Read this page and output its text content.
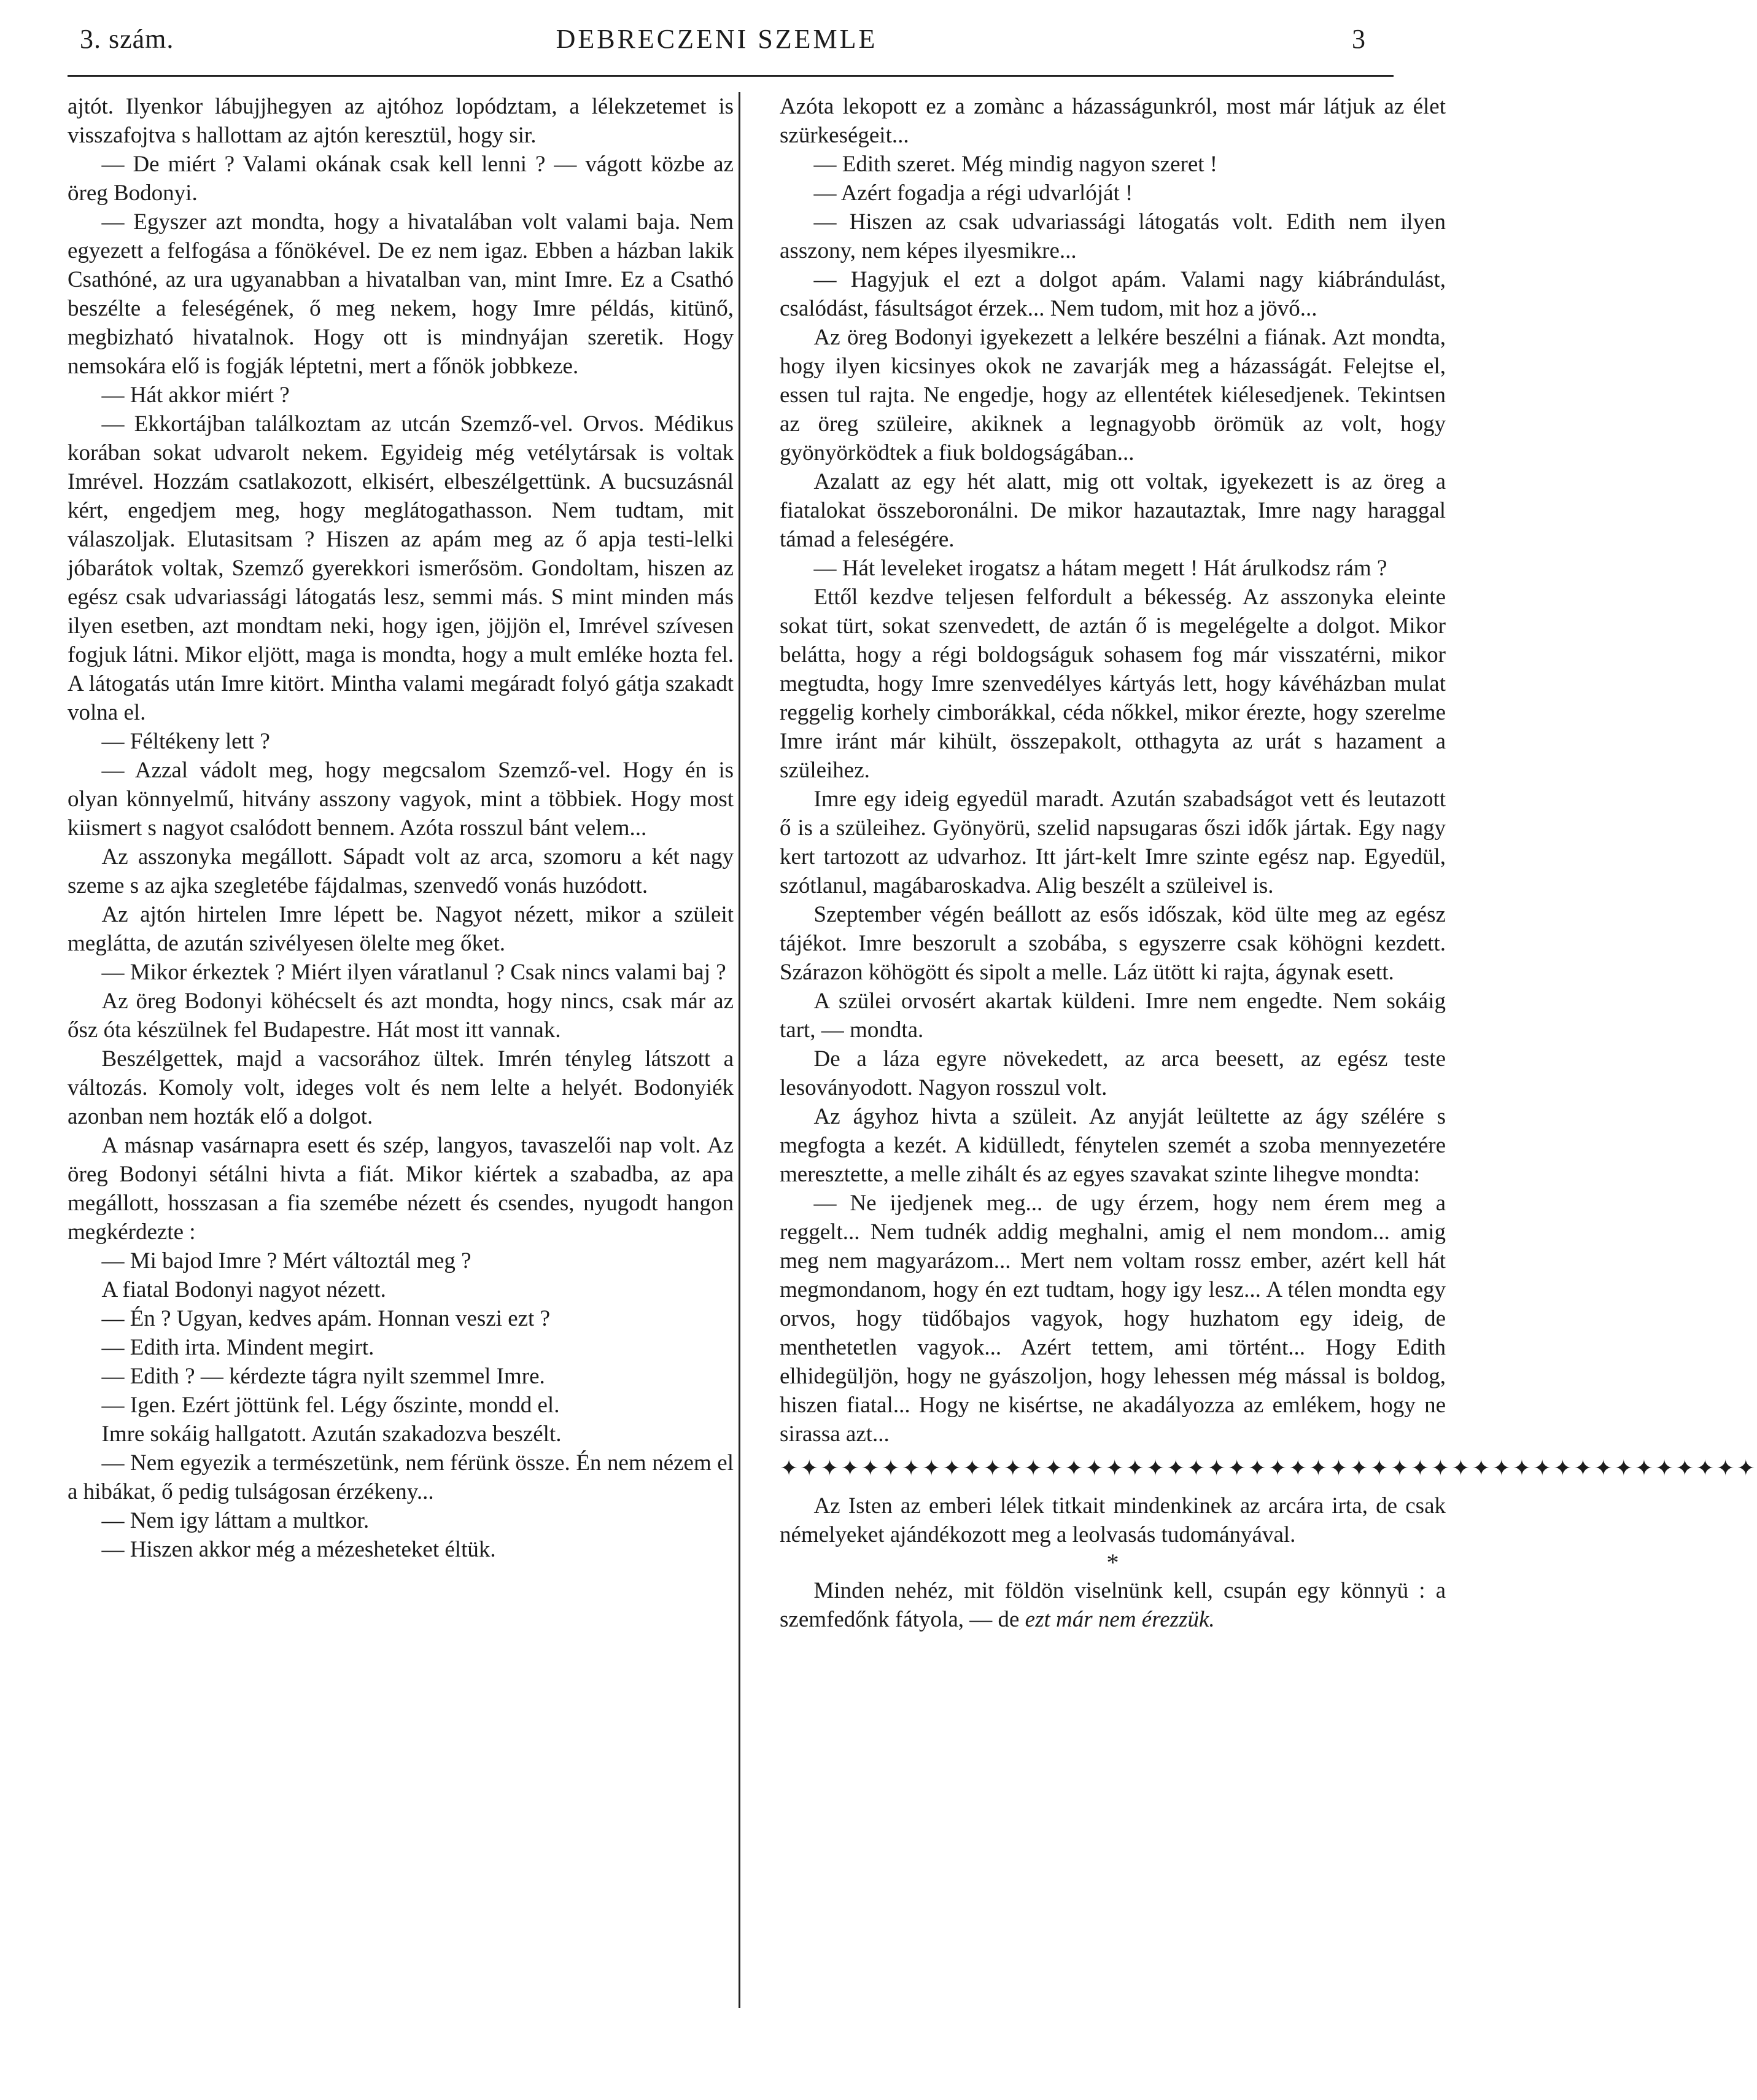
3. szám.	DEBRECZENI SZEMLE	3

ajtót. Ilyenkor lábujjhegyen az ajtóhoz lopództam, a lélekzetemet is visszafojtva s hallottam az ajtón keresztül, hogy sir.

— De miért ? Valami okának csak kell lenni ? — vágott közbe az öreg Bodonyi.

— Egyszer azt mondta, hogy a hivatalában volt valami baja. Nem egyezett a felfogása a főnökével. De ez nem igaz. Ebben a házban lakik Csathóné, az ura ugyanabban a hivatalban van, mint Imre. Ez a Csathó beszélte a feleségének, ő meg nekem, hogy Imre példás, kitünő, megbizható hivatalnok. Hogy ott is mindnyájan szeretik. Hogy nemsokára elő is fogják léptetni, mert a főnök jobbkeze.

— Hát akkor miért ?

— Ekkortájban találkoztam az utcán Szemző-vel. Orvos. Médikus korában sokat udvarolt nekem. Egyideig még vetélytársak is voltak Imrével. Hozzám csatlakozott, elkisért, elbeszélgettünk. A bucsuzásnál kért, engedjem meg, hogy meglátogathasson. Nem tudtam, mit válaszoljak. Elutasitsam ? Hiszen az apám meg az ő apja testi-lelki jóbarátok voltak, Szemző gyerekkori ismerősöm. Gondoltam, hiszen az egész csak udvariassági látogatás lesz, semmi más. S mint minden más ilyen esetben, azt mondtam neki, hogy igen, jöjjön el, Imrével szívesen fogjuk látni. Mikor eljött, maga is mondta, hogy a mult emléke hozta fel. A látogatás után Imre kitört. Mintha valami megáradt folyó gátja szakadt volna el.

— Féltékeny lett ?

— Azzal vádolt meg, hogy megcsalom Szemző-vel. Hogy én is olyan könnyelmű, hitvány asszony vagyok, mint a többiek. Hogy most kiismert s nagyot csalódott bennem. Azóta rosszul bánt velem...

Az asszonyka megállott. Sápadt volt az arca, szomoru a két nagy szeme s az ajka szegletébe fájdalmas, szenvedő vonás huzódott.

Az ajtón hirtelen Imre lépett be. Nagyot nézett, mikor a szüleit meglátta, de azután szivélyesen ölelte meg őket.

— Mikor érkeztek ? Miért ilyen váratlanul ? Csak nincs valami baj ?

Az öreg Bodonyi köhécselt és azt mondta, hogy nincs, csak már az ősz óta készülnek fel Budapestre. Hát most itt vannak.

Beszélgettek, majd a vacsorához ültek. Imrén tényleg látszott a változás. Komoly volt, ideges volt és nem lelte a helyét. Bodonyiék azonban nem hozták elő a dolgot.

A másnap vasárnapra esett és szép, langyos, tavaszelői nap volt. Az öreg Bodonyi sétálni hivta a fiát. Mikor kiértek a szabadba, az apa megállott, hosszasan a fia szemébe nézett és csendes, nyugodt hangon megkérdezte :

— Mi bajod Imre ? Mért változtál meg ?

A fiatal Bodonyi nagyot nézett.

— Én ? Ugyan, kedves apám. Honnan veszi ezt ?

— Edith irta. Mindent megirt.

— Edith ? — kérdezte tágra nyilt szemmel Imre.

— Igen. Ezért jöttünk fel. Légy őszinte, mondd el.

Imre sokáig hallgatott. Azután szakadozva beszélt.

— Nem egyezik a természetünk, nem férünk össze. Én nem nézem el a hibákat, ő pedig tulságosan érzékeny...

— Nem igy láttam a multkor.

— Hiszen akkor még a mézesheteket éltük.

Azóta lekopott ez a zomànc a házasságunkról, most már látjuk az élet szürkeségeit...

— Edith szeret. Még mindig nagyon szeret !

— Azért fogadja a régi udvarlóját !

— Hiszen az csak udvariassági látogatás volt. Edith nem ilyen asszony, nem képes ilyesmikre...

— Hagyjuk el ezt a dolgot apám. Valami nagy kiábrándulást, csalódást, fásultságot érzek... Nem tudom, mit hoz a jövő...

Az öreg Bodonyi igyekezett a lelkére beszélni a fiának. Azt mondta, hogy ilyen kicsinyes okok ne zavarják meg a házasságát. Felejtse el, essen tul rajta. Ne engedje, hogy az ellentétek kiélesedjenek. Tekintsen az öreg szüleire, akiknek a legnagyobb örömük az volt, hogy gyönyörködtek a fiuk boldogságában...

Azalatt az egy hét alatt, mig ott voltak, igyekezett is az öreg a fiatalokat összeboronálni. De mikor hazautaztak, Imre nagy haraggal támad a feleségére.

— Hát leveleket irogatsz a hátam megett ! Hát árulkodsz rám ?

Ettől kezdve teljesen felfordult a békesség. Az asszonyka eleinte sokat türt, sokat szenvedett, de aztán ő is megelégelte a dolgot. Mikor belátta, hogy a régi boldogságuk sohasem fog már visszatérni, mikor megtudta, hogy Imre szenvedélyes kártyás lett, hogy kávéházban mulat reggelig korhely cimborákkal, céda nőkkel, mikor érezte, hogy szerelme Imre iránt már kihült, összepakolt, otthagyta az urát s hazament a szüleihez.

Imre egy ideig egyedül maradt. Azután szabadságot vett és leutazott ő is a szüleihez. Gyönyörü, szelid napsugaras őszi idők jártak. Egy nagy kert tartozott az udvarhoz. Itt járt-kelt Imre szinte egész nap. Egyedül, szótlanul, magábaroskadva. Alig beszélt a szüleivel is.

Szeptember végén beállott az esős időszak, köd ülte meg az egész tájékot. Imre beszorult a szobába, s egyszerre csak köhögni kezdett. Szárazon köhögött és sipolt a melle. Láz ütött ki rajta, ágynak esett.

A szülei orvosért akartak küldeni. Imre nem engedte. Nem sokáig tart, — mondta.

De a láza egyre növekedett, az arca beesett, az egész teste lesoványodott. Nagyon rosszul volt.

Az ágyhoz hivta a szüleit. Az anyját leültette az ágy szélére s megfogta a kezét. A kidülledt, fénytelen szemét a szoba mennyezetére meresztette, a melle zihált és az egyes szavakat szinte lihegve mondta:

— Ne ijedjenek meg... de ugy érzem, hogy nem érem meg a reggelt... Nem tudnék addig meghalni, amig el nem mondom... amig meg nem magyarázom... Mert nem voltam rossz ember, azért kell hát megmondanom, hogy én ezt tudtam, hogy igy lesz... A télen mondta egy orvos, hogy tüdőbajos vagyok, hogy huzhatom egy ideig, de menthetetlen vagyok... Azért tettem, ami történt... Hogy Edith elhidegüljön, hogy ne gyászoljon, hogy lehessen még mással is boldog, hiszen fiatal... Hogy ne kisértse, ne akadályozza az emlékem, hogy ne sirassa azt...

✦✦✦✦✦✦✦✦✦✦✦✦✦✦✦✦✦✦✦✦✦✦✦✦✦✦✦✦✦✦✦✦✦✦✦✦✦✦✦✦✦✦✦✦✦✦✦✦

Az Isten az emberi lélek titkait mindenkinek az arcára irta, de csak némelyeket ajándékozott meg a leolvasás tudományával.

*

Minden nehéz, mit földön viselnünk kell, csupán egy könnyü : a szemfedőnk fátyola, — de ezt már nem érezzük.
